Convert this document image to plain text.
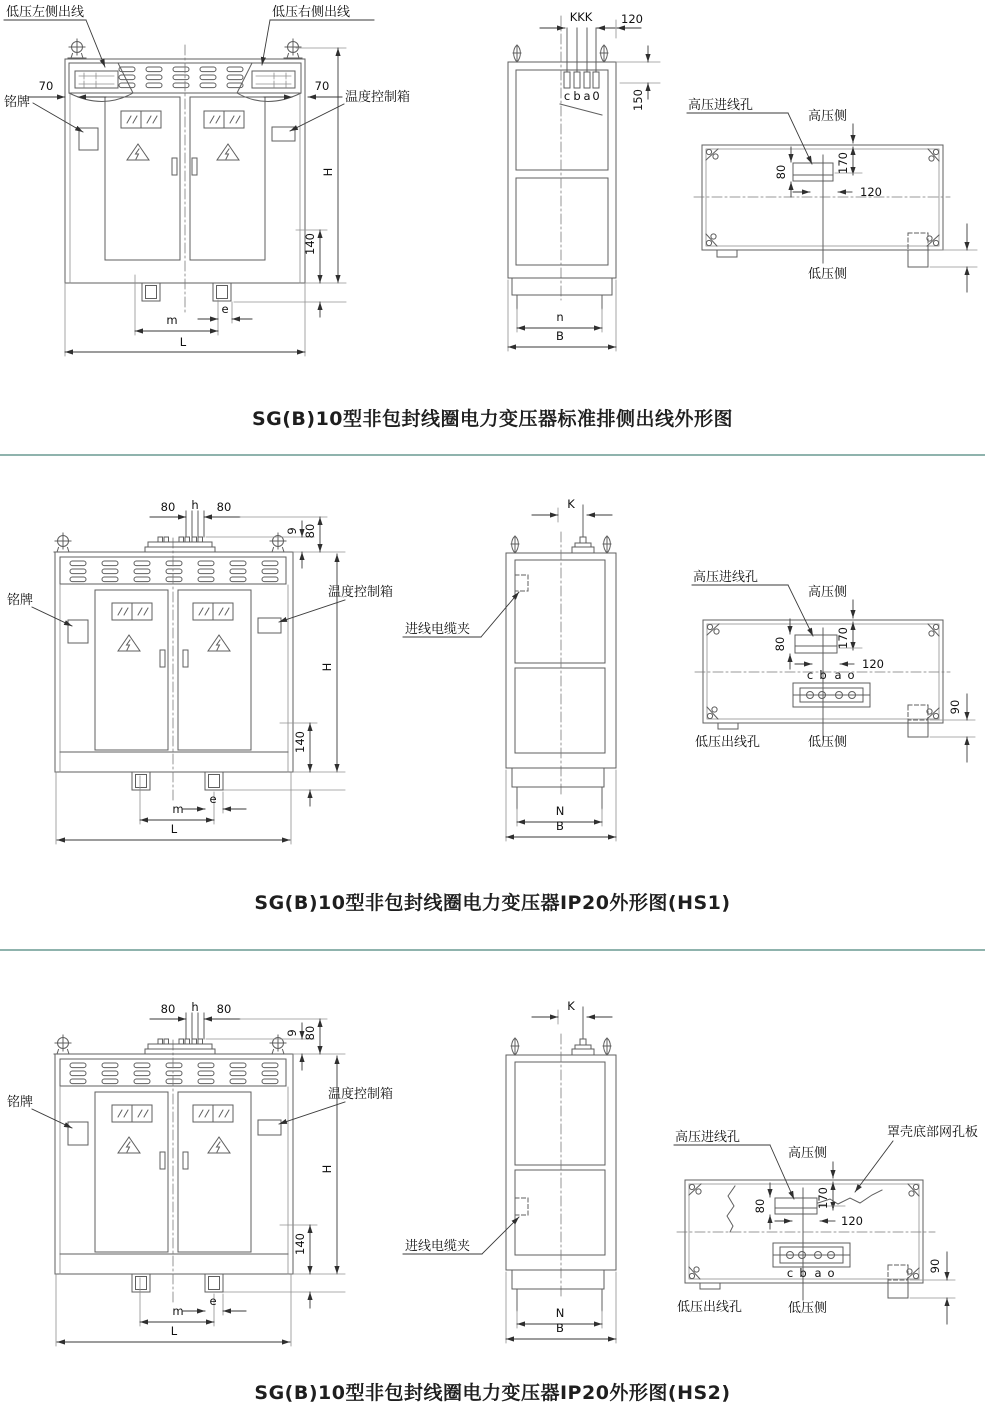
低压左侧出线	低压右侧出线
铭牌	温度控制箱
70	70
H
140
m
e
L
c b a 0
KKK 120
150
n
B
80
高压侧
170
120
高压进线孔
低压侧
SG(B)10型非包封线圈电力变压器标准排侧出线外形图
80 h 80
9 80
H
140
m
e
L
铭牌
温度控制箱
K
进线电缆夹
N
B
80
高压侧
170
120
高压进线孔
c b a o
90
低压出线孔	低压侧
SG(B)10型非包封线圈电力变压器IP20外形图(HS1)
80 h 80
9 80
H
140
m
e
L
铭牌
温度控制箱
K
进线电缆夹
N
B
80
高压侧
170
120
高压进线孔	罩壳底部网孔板
c b a o	90
低压出线孔	低压侧
SG(B)10型非包封线圈电力变压器IP20外形图(HS2)
